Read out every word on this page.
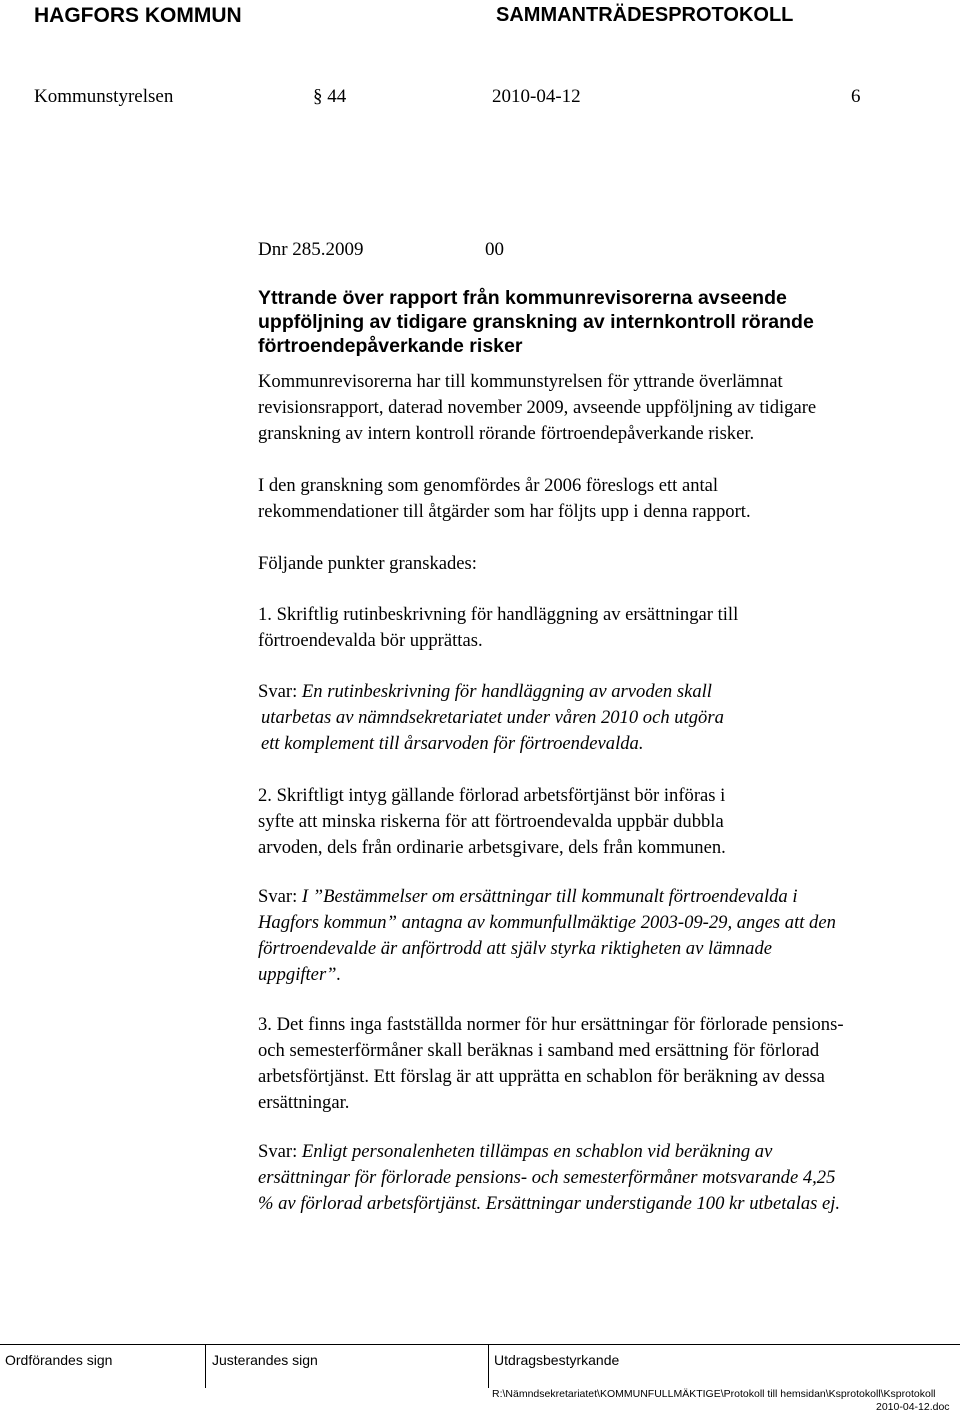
HAGFORS KOMMUN	SAMMANTRÄDESPROTOKOLL
Kommunstyrelsen	§ 44	2010-04-12	6
Dnr 285.2009	00
Yttrande över rapport från kommunrevisorerna avseende
uppföljning av tidigare granskning av internkontroll rörande
förtroendepåverkande risker
Kommunrevisorerna har till kommunstyrelsen för yttrande överlämnat
revisionsrapport, daterad november 2009, avseende uppföljning av tidigare
granskning av intern kontroll rörande förtroendepåverkande risker.
I den granskning som genomfördes år 2006 föreslogs ett antal
rekommendationer till åtgärder som har följts upp i denna rapport.
Följande punkter granskades:
1. Skriftlig rutinbeskrivning för handläggning av ersättningar till
förtroendevalda bör upprättas.
Svar: En rutinbeskrivning för handläggning av arvoden skall
utarbetas av nämndsekretariatet under våren 2010 och utgöra
ett komplement till årsarvoden för förtroendevalda.
2. Skriftligt intyg gällande förlorad arbetsförtjänst bör införas i
syfte att minska riskerna för att förtroendevalda uppbär dubbla
arvoden, dels från ordinarie arbetsgivare, dels från kommunen.
Svar: I ”Bestämmelser om ersättningar till kommunalt förtroendevalda i
Hagfors kommun” antagna av kommunfullmäktige 2003-09-29, anges att den
förtroendevalde är anförtrodd att själv styrka riktigheten av lämnade
uppgifter”.
3. Det finns inga fastställda normer för hur ersättningar för förlorade pensions-
och semesterförmåner skall beräknas i samband med ersättning för förlorad
arbetsförtjänst. Ett förslag är att upprätta en schablon för beräkning av dessa
ersättningar.
Svar: Enligt personalenheten tillämpas en schablon vid beräkning av
ersättningar för förlorade pensions- och semesterförmåner motsvarande 4,25
% av förlorad arbetsförtjänst. Ersättningar understigande 100 kr utbetalas ej.
Ordförandes sign	Justerandes sign	Utdragsbestyrkande
R:\Nämndsekretariatet\KOMMUNFULLMÄKTIGE\Protokoll till hemsidan\Ksprotokoll\Ksprotokoll
2010-04-12.doc
